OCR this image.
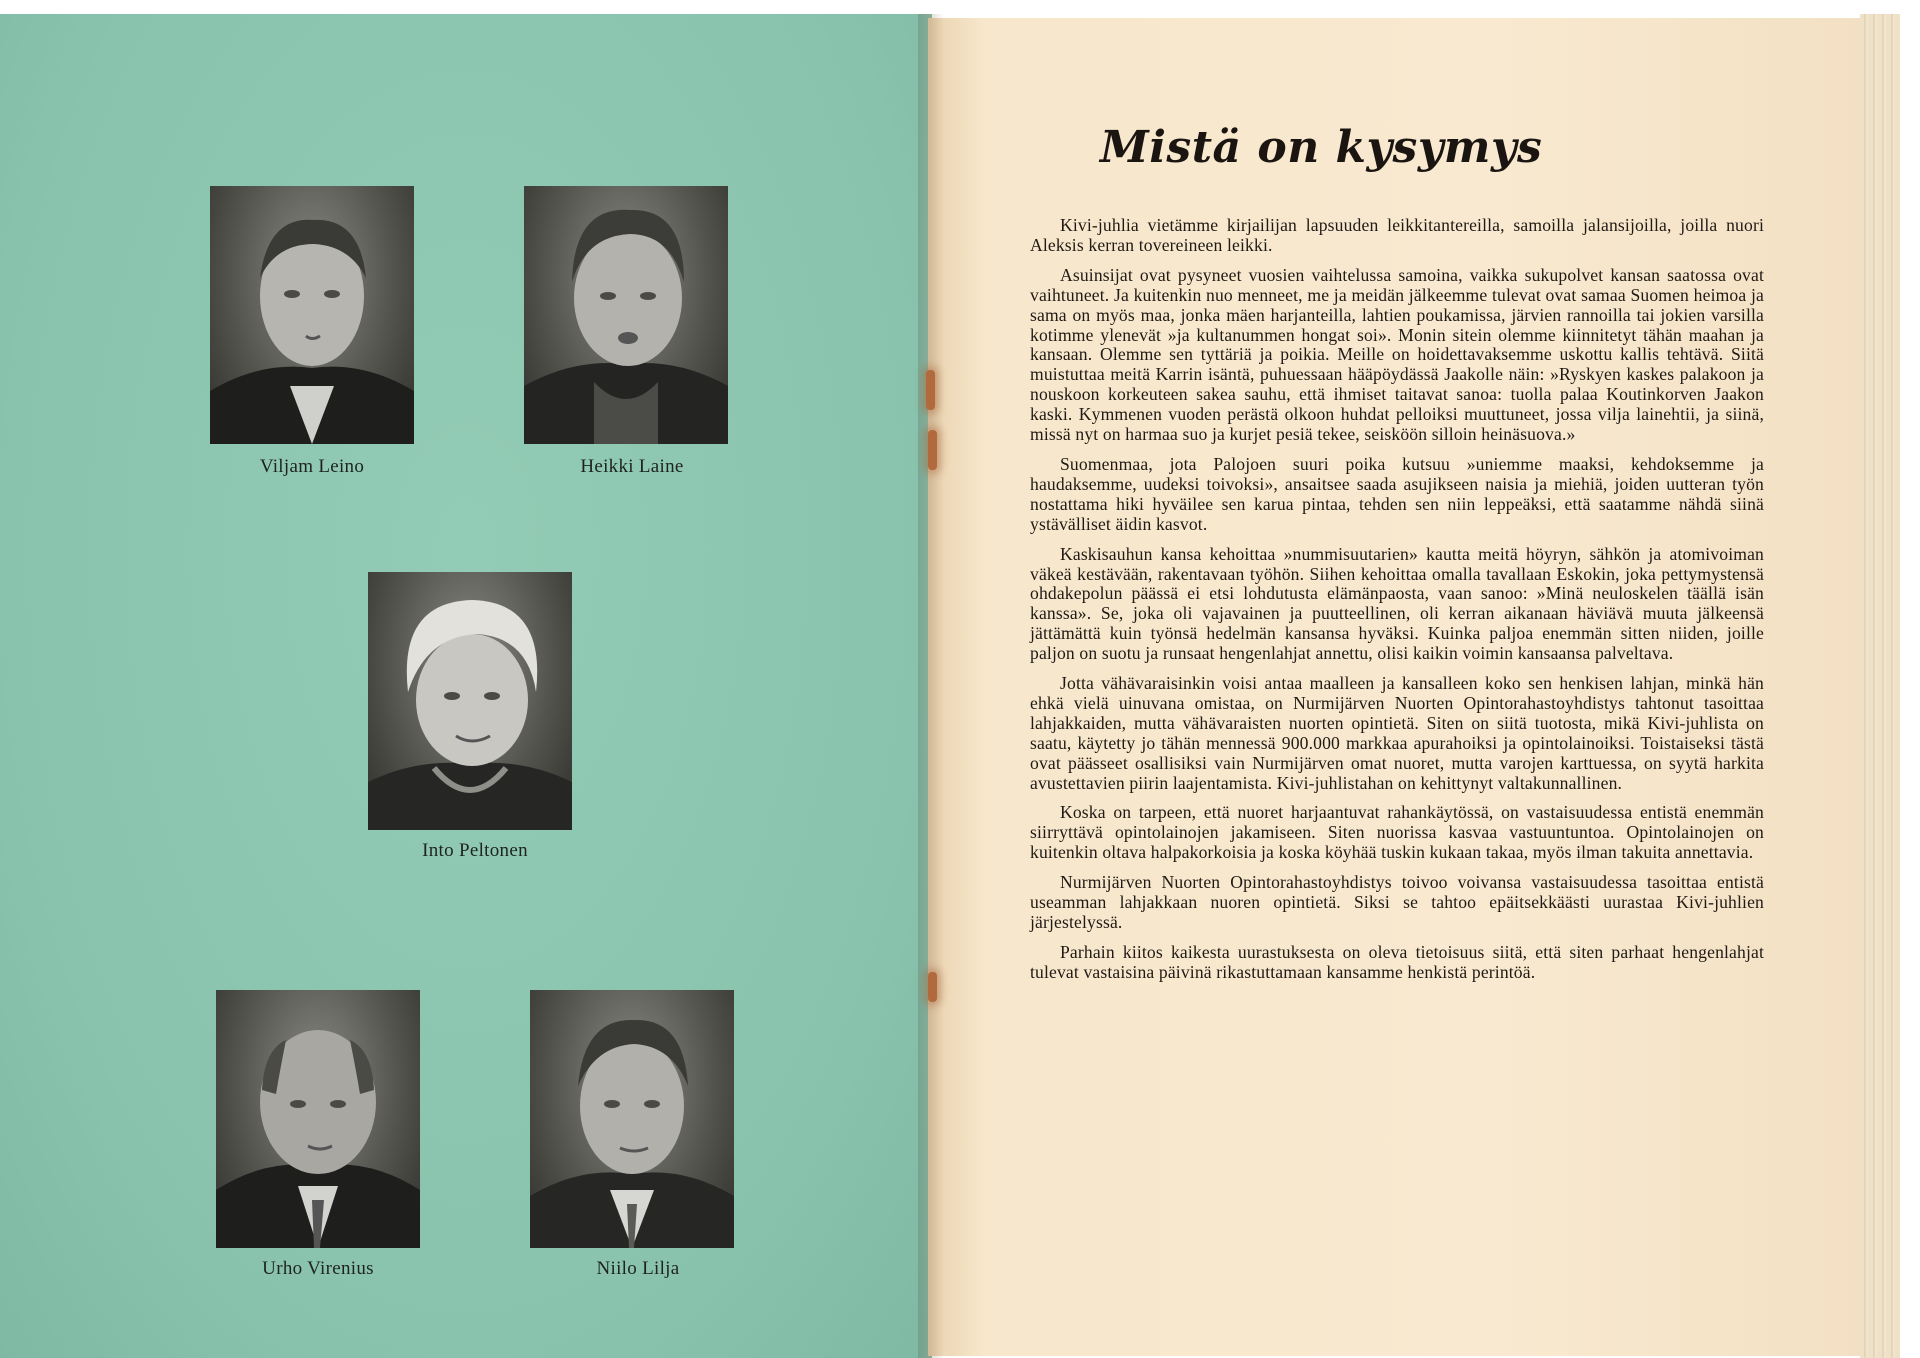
Viljam Leino	Heikki Laine
Into Peltonen
Urho Virenius	Niilo Lilja
Mistä on kysymys

Kivi-juhlia vietämme kirjailijan lapsuuden leikkitantereilla, samoilla jalansijoilla, joilla nuori Aleksis kerran tovereineen leikki.

Asuinsijat ovat pysyneet vuosien vaihtelussa samoina, vaikka sukupolvet kansan saatossa ovat vaihtuneet. Ja kuitenkin nuo menneet, me ja meidän jälkeemme tulevat ovat samaa Suomen heimoa ja sama on myös maa, jonka mäen harjanteilla, lahtien poukamissa, järvien rannoilla tai jokien varsilla kotimme ylenevät »ja kultanummen hongat soi». Monin sitein olemme kiinnitetyt tähän maahan ja kansaan. Olemme sen tyttäriä ja poikia. Meille on hoidettavaksemme uskottu kallis tehtävä. Siitä muistuttaa meitä Karrin isäntä, puhuessaan hääpöydässä Jaakolle näin: »Ryskyen kaskes palakoon ja nouskoon korkeuteen sakea sauhu, että ihmiset taitavat sanoa: tuolla palaa Koutinkorven Jaakon kaski. Kymmenen vuoden perästä olkoon huhdat pelloiksi muuttuneet, jossa vilja lainehtii, ja siinä, missä nyt on harmaa suo ja kurjet pesiä tekee, seisköön silloin heinäsuova.»

Suomenmaa, jota Palojoen suuri poika kutsuu »uniemme maaksi, kehdoksemme ja haudaksemme, uudeksi toivoksi», ansaitsee saada asujikseen naisia ja miehiä, joiden uutteran työn nostattama hiki hyväilee sen karua pintaa, tehden sen niin leppeäksi, että saatamme nähdä siinä ystävälliset äidin kasvot.

Kaskisauhun kansa kehoittaa »nummisuutarien» kautta meitä höyryn, sähkön ja atomivoiman väkeä kestävään, rakentavaan työhön. Siihen kehoittaa omalla tavallaan Eskokin, joka pettymystensä ohdakepolun päässä ei etsi lohdutusta elämänpaosta, vaan sanoo: »Minä neuloskelen täällä isän kanssa». Se, joka oli vajavainen ja puutteellinen, oli kerran aikanaan häviävä muuta jälkeensä jättämättä kuin työnsä hedelmän kansansa hyväksi. Kuinka paljoa enemmän sitten niiden, joille paljon on suotu ja runsaat hengenlahjat annettu, olisi kaikin voimin kansaansa palveltava.

Jotta vähävaraisinkin voisi antaa maalleen ja kansalleen koko sen henkisen lahjan, minkä hän ehkä vielä uinuvana omistaa, on Nurmijärven Nuorten Opintorahastoyhdistys tahtonut tasoittaa lahjakkaiden, mutta vähävaraisten nuorten opintietä. Siten on siitä tuotosta, mikä Kivi-juhlista on saatu, käytetty jo tähän mennessä 900.000 markkaa apurahoiksi ja opintolainoiksi. Toistaiseksi tästä ovat päässeet osallisiksi vain Nurmijärven omat nuoret, mutta varojen karttuessa, on syytä harkita avustettavien piirin laajentamista. Kivi-juhlistahan on kehittynyt valtakunnallinen.

Koska on tarpeen, että nuoret harjaantuvat rahankäytössä, on vastaisuudessa entistä enemmän siirryttävä opintolainojen jakamiseen. Siten nuorissa kasvaa vastuuntuntoa. Opintolainojen on kuitenkin oltava halpakorkoisia ja koska köyhää tuskin kukaan takaa, myös ilman takuita annettavia.

Nurmijärven Nuorten Opintorahastoyhdistys toivoo voivansa vastaisuudessa tasoittaa entistä useamman lahjakkaan nuoren opintietä. Siksi se tahtoo epäitsekkäästi uurastaa Kivi-juhlien järjestelyssä.

Parhain kiitos kaikesta uurastuksesta on oleva tietoisuus siitä, että siten parhaat hengenlahjat tulevat vastaisina päivinä rikastuttamaan kansamme henkistä perintöä.
